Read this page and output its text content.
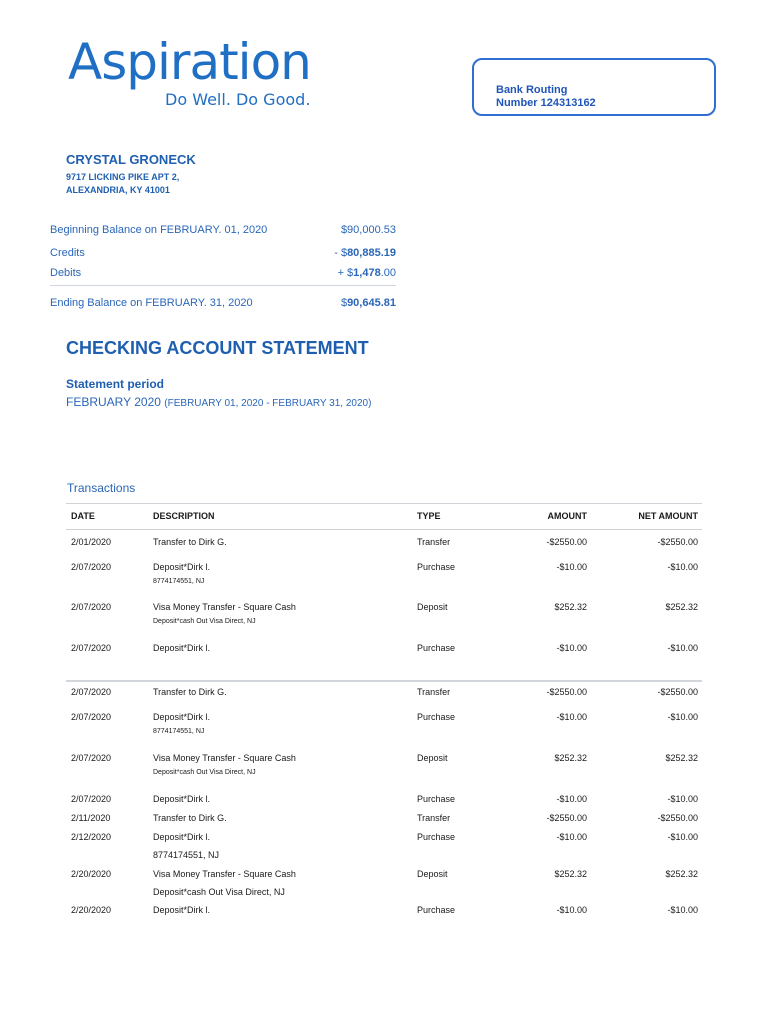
Aspiration
Do Well. Do Good.	Bank Routing
Number 124313162
CRYSTAL GRONECK
9717 LICKING PIKE APT 2,
ALEXANDRIA, KY 41001
Beginning Balance on FEBRUARY. 01, 2020	$90,000.53
Credits	- $80,885.19
Debits	+ $1,478.00
Ending Balance on FEBRUARY. 31, 2020	$90,645.81
CHECKING ACCOUNT STATEMENT
Statement period
FEBRUARY 2020 (FEBRUARY 01, 2020 - FEBRUARY 31, 2020)
Transactions
DATE	DESCRIPTION	TYPE	AMOUNT	NET AMOUNT
2/01/2020	Transfer to Dirk G.	Transfer	-$2550.00	-$2550.00
2/07/2020	Deposit*Dirk l.	Purchase	-$10.00	-$10.00
8774174551, NJ
2/07/2020	Visa Money Transfer - Square Cash	Deposit	$252.32	$252.32
Deposit*cash Out Visa Direct, NJ
2/07/2020	Deposit*Dirk l.	Purchase	-$10.00	-$10.00
2/07/2020	Transfer to Dirk G.	Transfer	-$2550.00	-$2550.00
2/07/2020	Deposit*Dirk l.	Purchase	-$10.00	-$10.00
8774174551, NJ
2/07/2020	Visa Money Transfer - Square Cash	Deposit	$252.32	$252.32
Deposit*cash Out Visa Direct, NJ
2/07/2020	Deposit*Dirk l.	Purchase	-$10.00	-$10.00
2/11/2020	Transfer to Dirk G.	Transfer	-$2550.00	-$2550.00
2/12/2020	Deposit*Dirk l.	Purchase	-$10.00	-$10.00
8774174551, NJ
2/20/2020	Visa Money Transfer - Square Cash	Deposit	$252.32	$252.32
Deposit*cash Out Visa Direct, NJ
2/20/2020	Deposit*Dirk l.	Purchase	-$10.00	-$10.00
